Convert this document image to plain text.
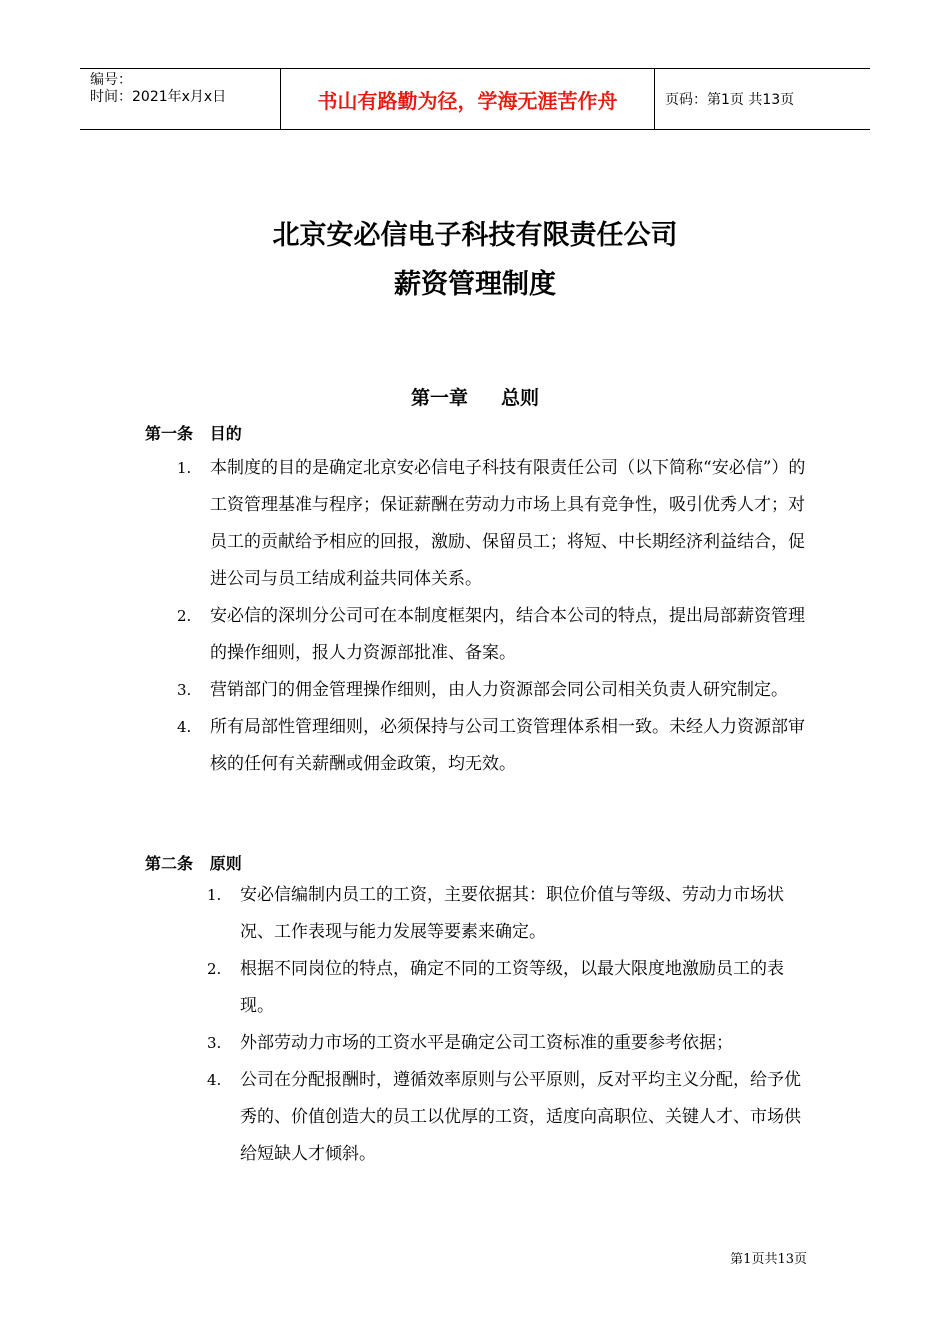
编号：
时间：2021年x月x日	书山有路勤为径，学海无涯苦作舟	页码：第1页 共13页
北京安必信电子科技有限责任公司
薪资管理制度
第一章     总则
第一条   目的
1.	本制度的目的是确定北京安必信电子科技有限责任公司（以下简称“安必信”）的工资管理基准与程序；保证薪酬在劳动力市场上具有竞争性，吸引优秀人才；对员工的贡献给予相应的回报，激励、保留员工；将短、中长期经济利益结合，促进公司与员工结成利益共同体关系。
2.	安必信的深圳分公司可在本制度框架内，结合本公司的特点，提出局部薪资管理的操作细则，报人力资源部批准、备案。
3.	营销部门的佣金管理操作细则，由人力资源部会同公司相关负责人研究制定。
4.	所有局部性管理细则，必须保持与公司工资管理体系相一致。未经人力资源部审核的任何有关薪酬或佣金政策，均无效。
第二条   原则
1.	安必信编制内员工的工资，主要依据其：职位价值与等级、劳动力市场状况、工作表现与能力发展等要素来确定。
2.	根据不同岗位的特点，确定不同的工资等级，以最大限度地激励员工的表现。
3.	外部劳动力市场的工资水平是确定公司工资标准的重要参考依据；
4.	公司在分配报酬时，遵循效率原则与公平原则，反对平均主义分配，给予优秀的、价值创造大的员工以优厚的工资，适度向高职位、关键人才、市场供给短缺人才倾斜。
第1页共13页
